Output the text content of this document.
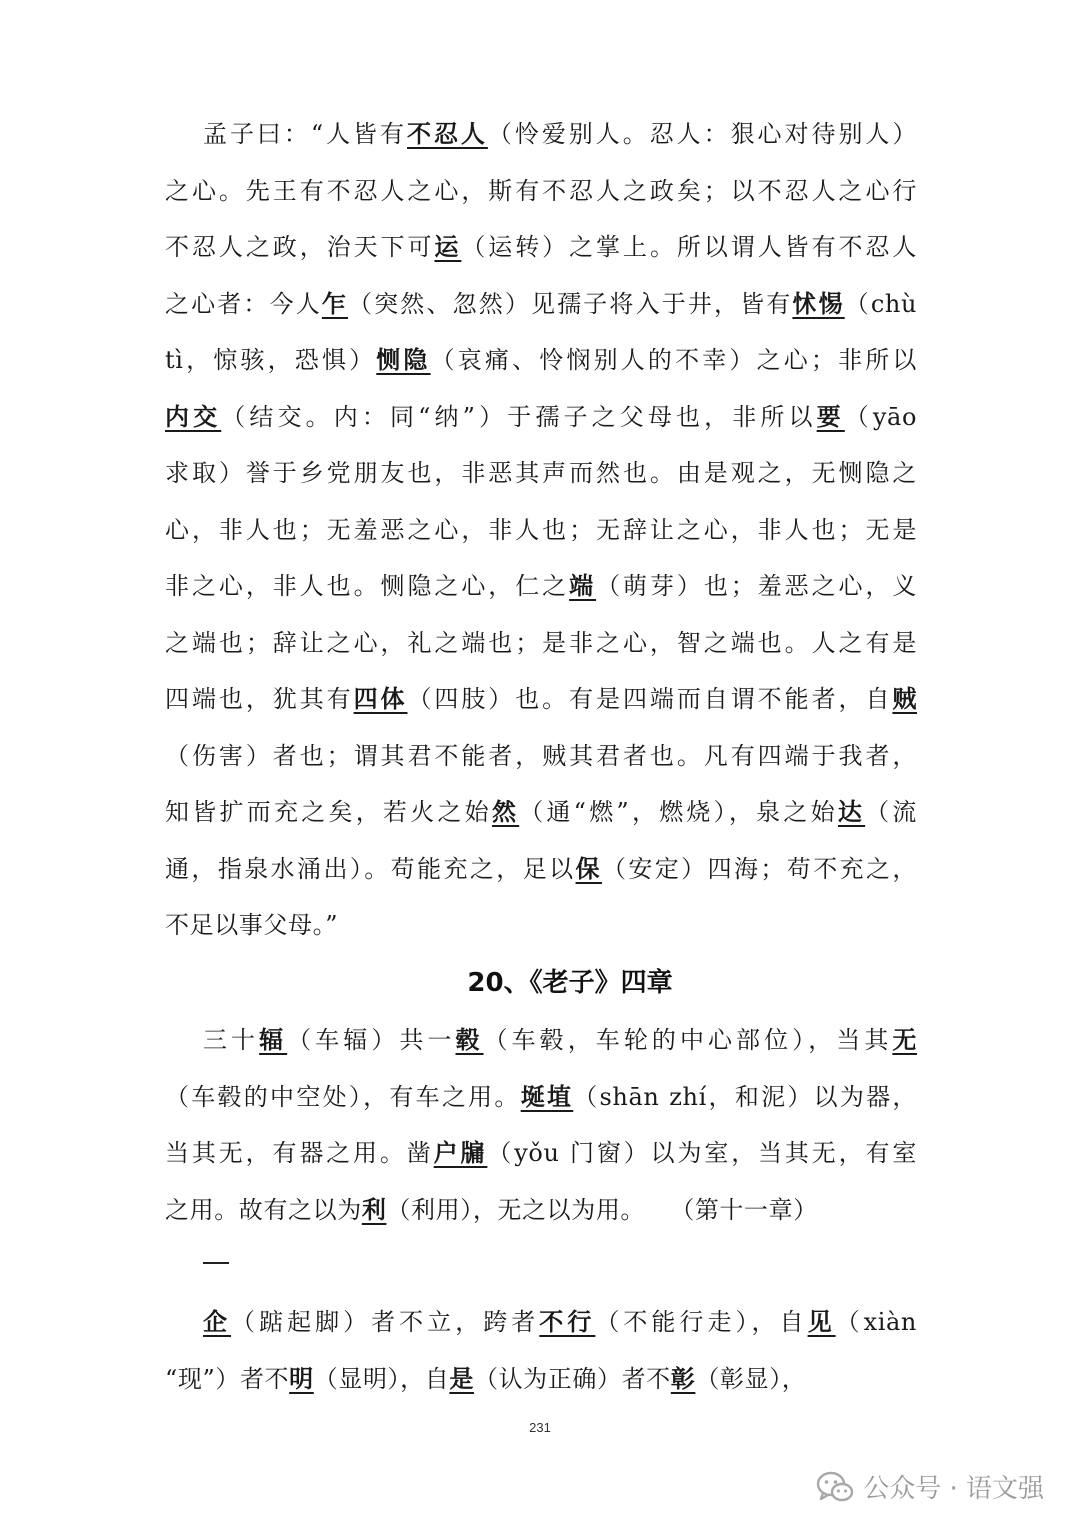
孟子曰：“人皆有不忍人（怜爱别人。忍人：狠心对待别人）
之心。先王有不忍人之心，斯有不忍人之政矣；以不忍人之心行
不忍人之政，治天下可运（运转）之掌上。所以谓人皆有不忍人
之心者：今人乍（突然、忽然）见孺子将入于井，皆有怵惕（chù
tì，惊骇，恐惧）恻隐（哀痛、怜悯别人的不幸）之心；非所以
内交（结交。内：同“纳”）于孺子之父母也，非所以要（yāo
求取）誉于乡党朋友也，非恶其声而然也。由是观之，无恻隐之
心，非人也；无羞恶之心，非人也；无辞让之心，非人也；无是
非之心，非人也。恻隐之心，仁之端（萌芽）也；羞恶之心，义
之端也；辞让之心，礼之端也；是非之心，智之端也。人之有是
四端也，犹其有四体（四肢）也。有是四端而自谓不能者，自贼
（伤害）者也；谓其君不能者，贼其君者也。凡有四端于我者，
知皆扩而充之矣，若火之始然（通“燃”，燃烧），泉之始达（流
通，指泉水涌出）。苟能充之，足以保（安定）四海；苟不充之，
不足以事父母。”
20、《老子》四章
三十辐（车辐）共一毂（车毂，车轮的中心部位），当其无
（车毂的中空处），有车之用。埏埴（shān zhí，和泥）以为器，
当其无，有器之用。凿户牖（yǒu 门窗）以为室，当其无，有室
之用。故有之以为利（利用），无之以为用。　　（第十一章）
企（踮起脚）者不立，跨者不行（不能行走），自见（xiàn
“现”）者不明（显明），自是（认为正确）者不彰（彰显），
231
公众号 · 语文强
